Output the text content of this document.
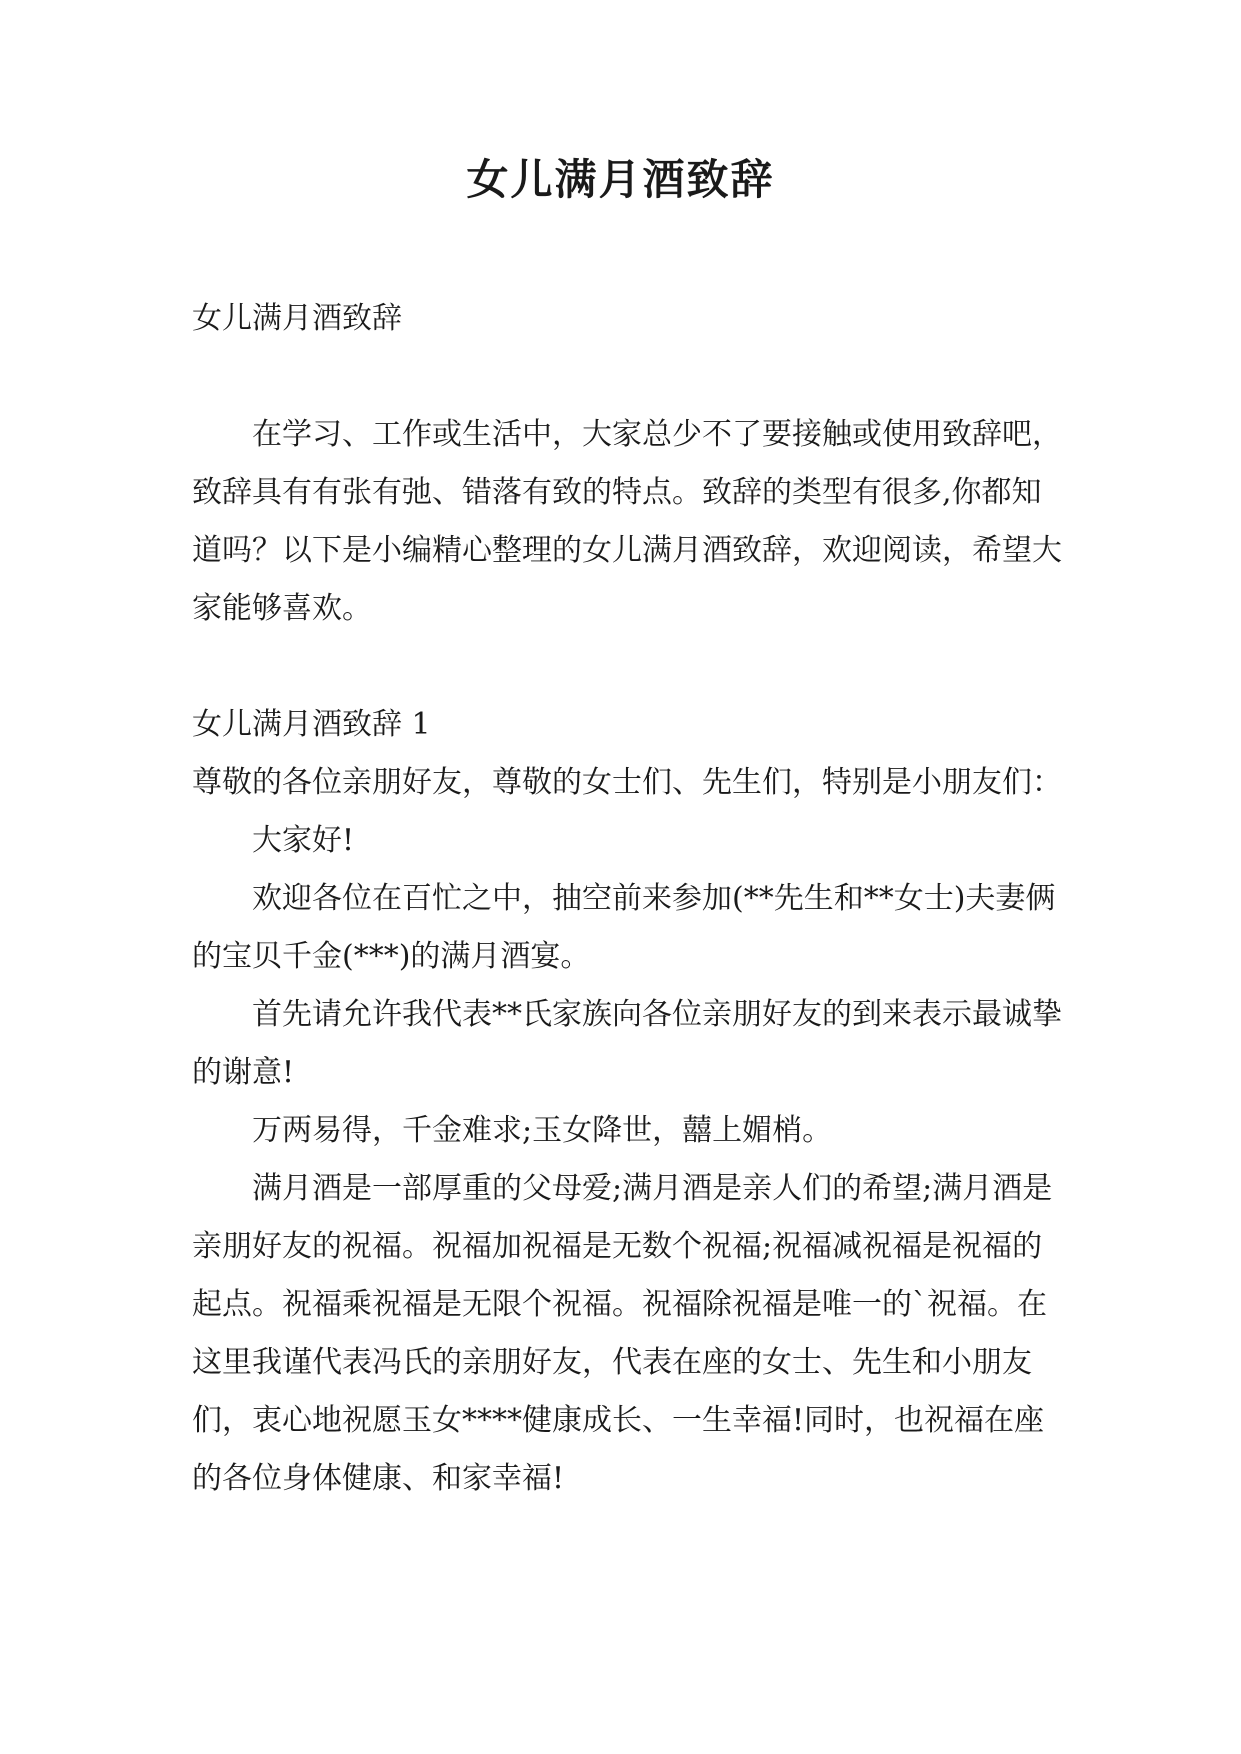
女儿满月酒致辞

女儿满月酒致辞

在学习、工作或生活中，大家总少不了要接触或使用致辞吧，致辞具有有张有弛、错落有致的特点。致辞的类型有很多,你都知道吗？以下是小编精心整理的女儿满月酒致辞，欢迎阅读，希望大家能够喜欢。

女儿满月酒致辞 1

尊敬的各位亲朋好友，尊敬的女士们、先生们，特别是小朋友们：

大家好!

欢迎各位在百忙之中，抽空前来参加(**先生和**女士)夫妻俩的宝贝千金(***)的满月酒宴。

首先请允许我代表**氏家族向各位亲朋好友的到来表示最诚挚的谢意!

万两易得，千金难求;玉女降世，囍上媚梢。

满月酒是一部厚重的父母爱;满月酒是亲人们的希望;满月酒是亲朋好友的祝福。祝福加祝福是无数个祝福;祝福减祝福是祝福的起点。祝福乘祝福是无限个祝福。祝福除祝福是唯一的`祝福。在这里我谨代表冯氏的亲朋好友，代表在座的女士、先生和小朋友们，衷心地祝愿玉女****健康成长、一生幸福!同时，也祝福在座的各位身体健康、和家幸福!
